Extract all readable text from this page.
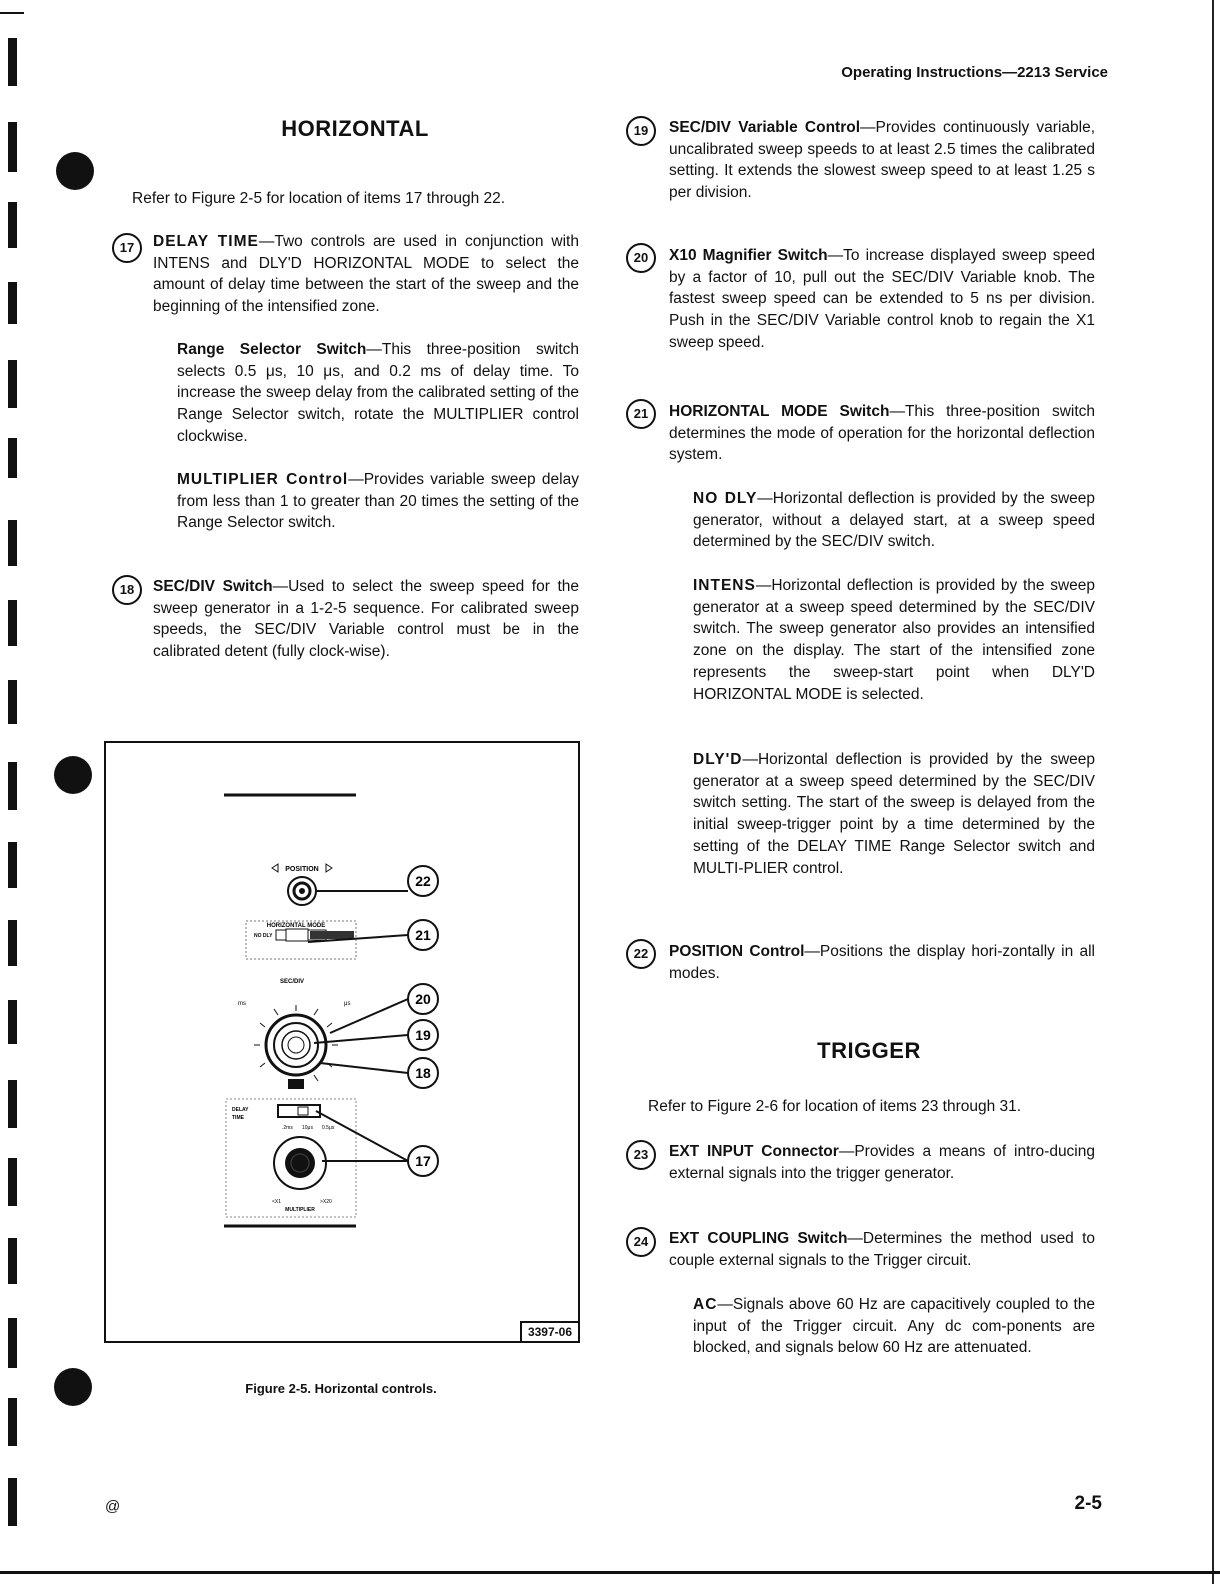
Operating Instructions—2213 Service
HORIZONTAL

Refer to Figure 2-5 for location of items 17 through 22.

17	DELAY TIME—Two controls are used in conjunction with INTENS and DLY'D HORIZONTAL MODE to select the amount of delay time between the start of the sweep and the beginning of the intensified zone.

Range Selector Switch—This three-position switch selects 0.5 μs, 10 μs, and 0.2 ms of delay time. To increase the sweep delay from the calibrated setting of the Range Selector switch, rotate the MULTIPLIER control clockwise.

MULTIPLIER Control—Provides variable sweep delay from less than 1 to greater than 20 times the setting of the Range Selector switch.

18	SEC/DIV Switch—Used to select the sweep speed for the sweep generator in a 1-2-5 sequence. For calibrated sweep speeds, the SEC/DIV Variable control must be in the calibrated detent (fully clock-wise).

POSITION
HORIZONTAL MODE
NO DLY
SEC/DIV
ms	μs
DELAY
TIME
.2ms 10μs 0.5μs
<X1	>X20
MULTIPLIER
22
21
20
19
18
17
3397-06
Figure 2-5. Horizontal controls.
19	SEC/DIV Variable Control—Provides continuously variable, uncalibrated sweep speeds to at least 2.5 times the calibrated setting. It extends the slowest sweep speed to at least 1.25 s per division.

20	X10 Magnifier Switch—To increase displayed sweep speed by a factor of 10, pull out the SEC/DIV Variable knob. The fastest sweep speed can be extended to 5 ns per division. Push in the SEC/DIV Variable control knob to regain the X1 sweep speed.

21	HORIZONTAL MODE Switch—This three-position switch determines the mode of operation for the horizontal deflection system.

NO DLY—Horizontal deflection is provided by the sweep generator, without a delayed start, at a sweep speed determined by the SEC/DIV switch.

INTENS—Horizontal deflection is provided by the sweep generator at a sweep speed determined by the SEC/DIV switch. The sweep generator also provides an intensified zone on the display. The start of the intensified zone represents the sweep-start point when DLY'D HORIZONTAL MODE is selected.

DLY'D—Horizontal deflection is provided by the sweep generator at a sweep speed determined by the SEC/DIV switch setting. The start of the sweep is delayed from the initial sweep-trigger point by a time determined by the setting of the DELAY TIME Range Selector switch and MULTI-PLIER control.

22	POSITION Control—Positions the display hori-zontally in all modes.

TRIGGER

Refer to Figure 2-6 for location of items 23 through 31.

23	EXT INPUT Connector—Provides a means of intro-ducing external signals into the trigger generator.

24	EXT COUPLING Switch—Determines the method used to couple external signals to the Trigger circuit.

AC—Signals above 60 Hz are capacitively coupled to the input of the Trigger circuit. Any dc com-ponents are blocked, and signals below 60 Hz are attenuated.

@	2-5
